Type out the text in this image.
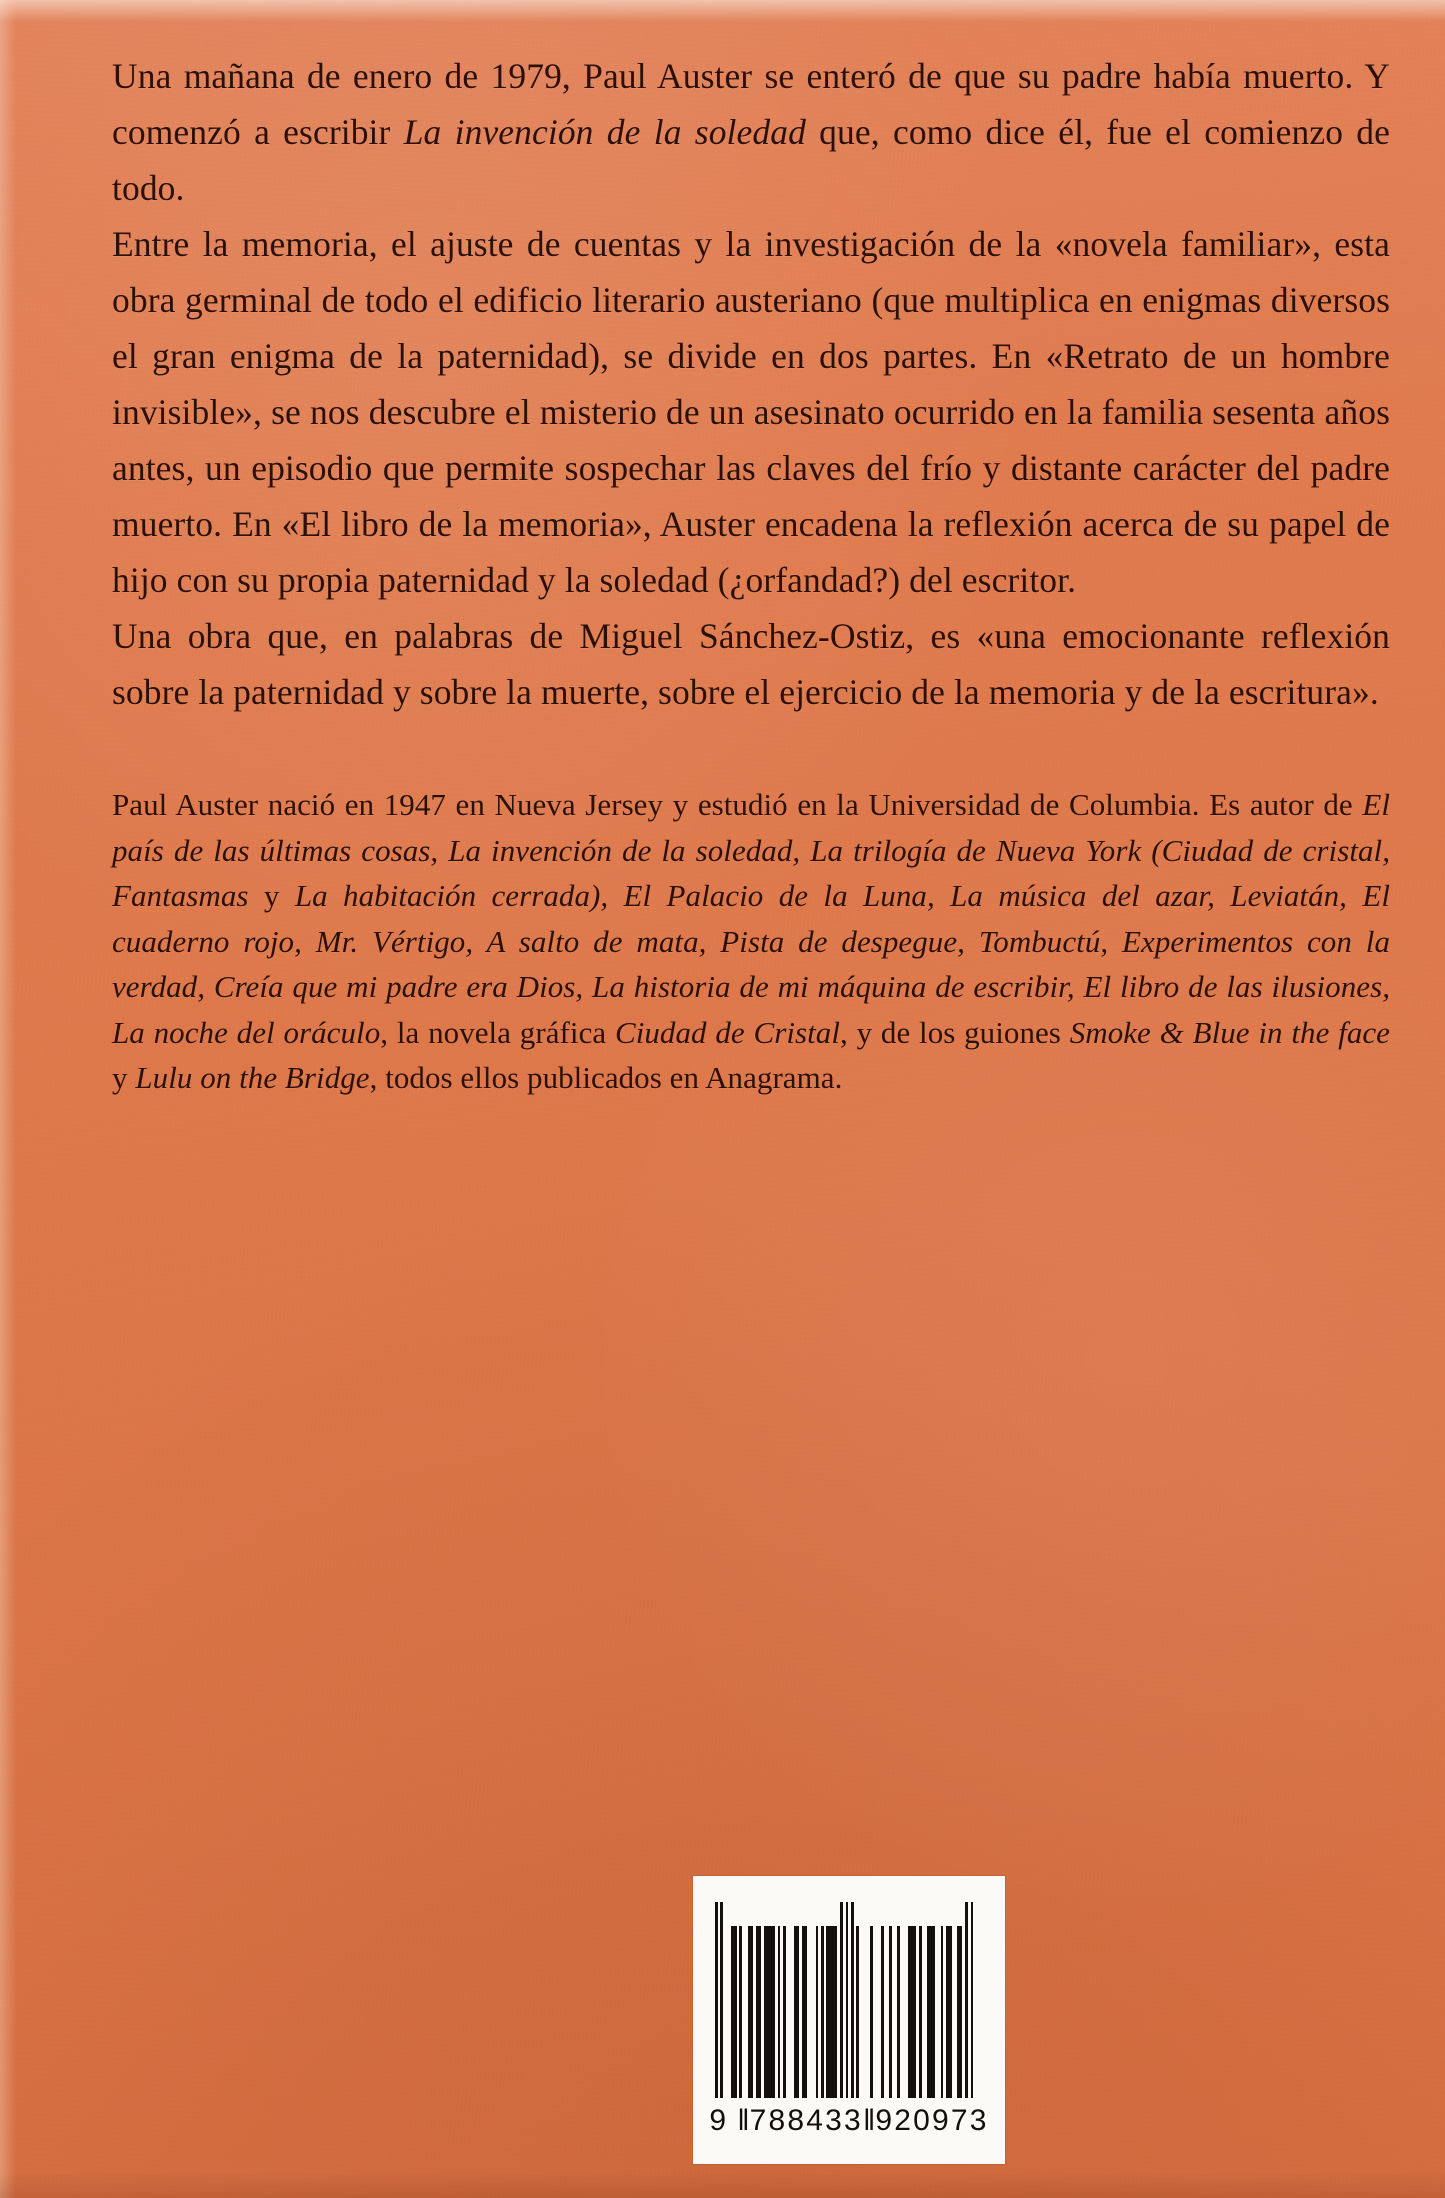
Una mañana de enero de 1979, Paul Auster se enteró de que su padre había muerto. Y comenzó a escribir La invención de la soledad que, como dice él, fue el comienzo de todo.

Entre la memoria, el ajuste de cuentas y la investigación de la «novela familiar», esta obra germinal de todo el edificio literario austeriano (que multiplica en enigmas diversos el gran enigma de la paternidad), se divide en dos partes. En «Retrato de un hombre invisible», se nos descubre el misterio de un asesinato ocurrido en la familia sesenta años antes, un episodio que permite sospechar las claves del frío y distante carácter del padre muerto. En «El libro de la memoria», Auster encadena la reflexión acerca de su papel de hijo con su propia paternidad y la soledad (¿orfandad?) del escritor.

Una obra que, en palabras de Miguel Sánchez-Ostiz, es «una emocionante reflexión sobre la paternidad y sobre la muerte, sobre el ejercicio de la memoria y de la escritura».

Paul Auster nació en 1947 en Nueva Jersey y estudió en la Universidad de Columbia. Es autor de El país de las últimas cosas, La invención de la soledad, La trilogía de Nueva York (Ciudad de cristal, Fantasmas y La habitación cerrada), El Palacio de la Luna, La música del azar, Leviatán, El cuaderno rojo, Mr. Vértigo, A salto de mata, Pista de despegue, Tombuctú, Experimentos con la verdad, Creía que mi padre era Dios, La historia de mi máquina de escribir, El libro de las ilusiones, La noche del oráculo, la novela gráfica Ciudad de Cristal, y de los guiones Smoke & Blue in the face y Lulu on the Bridge, todos ellos publicados en Anagrama.

9 ‖788433‖920973
